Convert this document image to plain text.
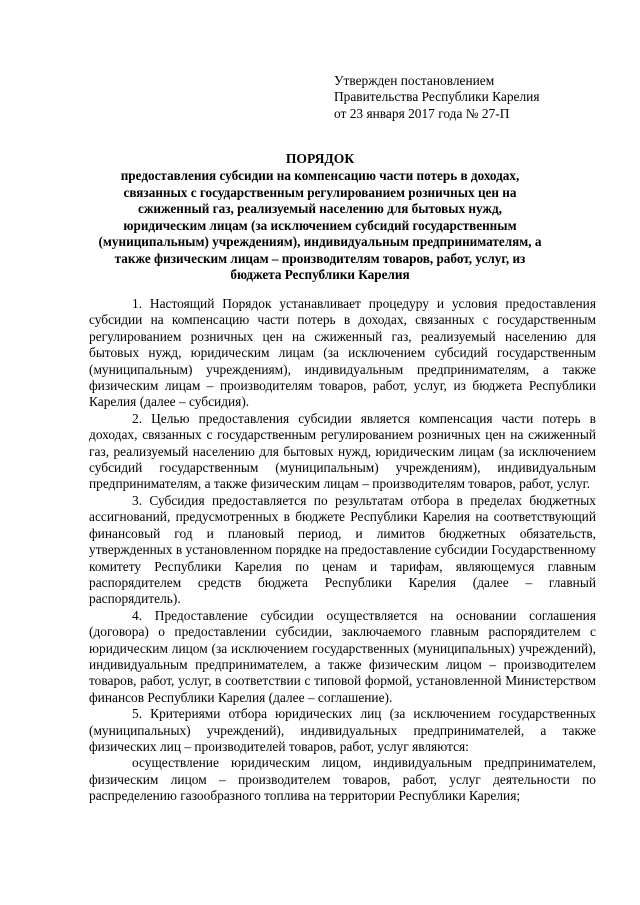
Утвержден постановлением
Правительства Республики Карелия
от 23 января 2017 года № 27-П
ПОРЯДОК
предоставления субсидии на компенсацию части потерь в доходах, связанных с государственным регулированием розничных цен на сжиженный газ, реализуемый населению для бытовых нужд, юридическим лицам (за исключением субсидий государственным (муниципальным) учреждениям), индивидуальным предпринимателям, а также физическим лицам – производителям товаров, работ, услуг, из бюджета Республики Карелия

1. Настоящий Порядок устанавливает процедуру и условия предоставления субсидии на компенсацию части потерь в доходах, связанных с государственным регулированием розничных цен на сжиженный газ, реализуемый населению для бытовых нужд, юридическим лицам (за исключением субсидий государственным (муниципальным) учреждениям), индивидуальным предпринимателям, а также физическим лицам – производителям товаров, работ, услуг, из бюджета Республики Карелия (далее – субсидия).

2. Целью предоставления субсидии является компенсация части потерь в доходах, связанных с государственным регулированием розничных цен на сжиженный газ, реализуемый населению для бытовых нужд, юридическим лицам (за исключением субсидий государственным (муниципальным) учреждениям), индивидуальным предпринимателям, а также физическим лицам – производителям товаров, работ, услуг.

3. Субсидия предоставляется по результатам отбора в пределах бюджетных ассигнований, предусмотренных в бюджете Республики Карелия на соответствующий финансовый год и плановый период, и лимитов бюджетных обязательств, утвержденных в установленном порядке на предоставление субсидии Государственному комитету Республики Карелия по ценам и тарифам, являющемуся главным распорядителем средств бюджета Республики Карелия (далее – главный распорядитель).

4. Предоставление субсидии осуществляется на основании соглашения (договора) о предоставлении субсидии, заключаемого главным распорядителем с юридическим лицом (за исключением государственных (муниципальных) учреждений), индивидуальным предпринимателем, а также физическим лицом – производителем товаров, работ, услуг, в соответствии с типовой формой, установленной Министерством финансов Республики Карелия (далее – соглашение).

5. Критериями отбора юридических лиц (за исключением государственных (муниципальных) учреждений), индивидуальных предпринимателей, а также физических лиц – производителей товаров, работ, услуг являются:

осуществление юридическим лицом, индивидуальным предпринимателем, физическим лицом – производителем товаров, работ, услуг деятельности по распределению газообразного топлива на территории Республики Карелия;
